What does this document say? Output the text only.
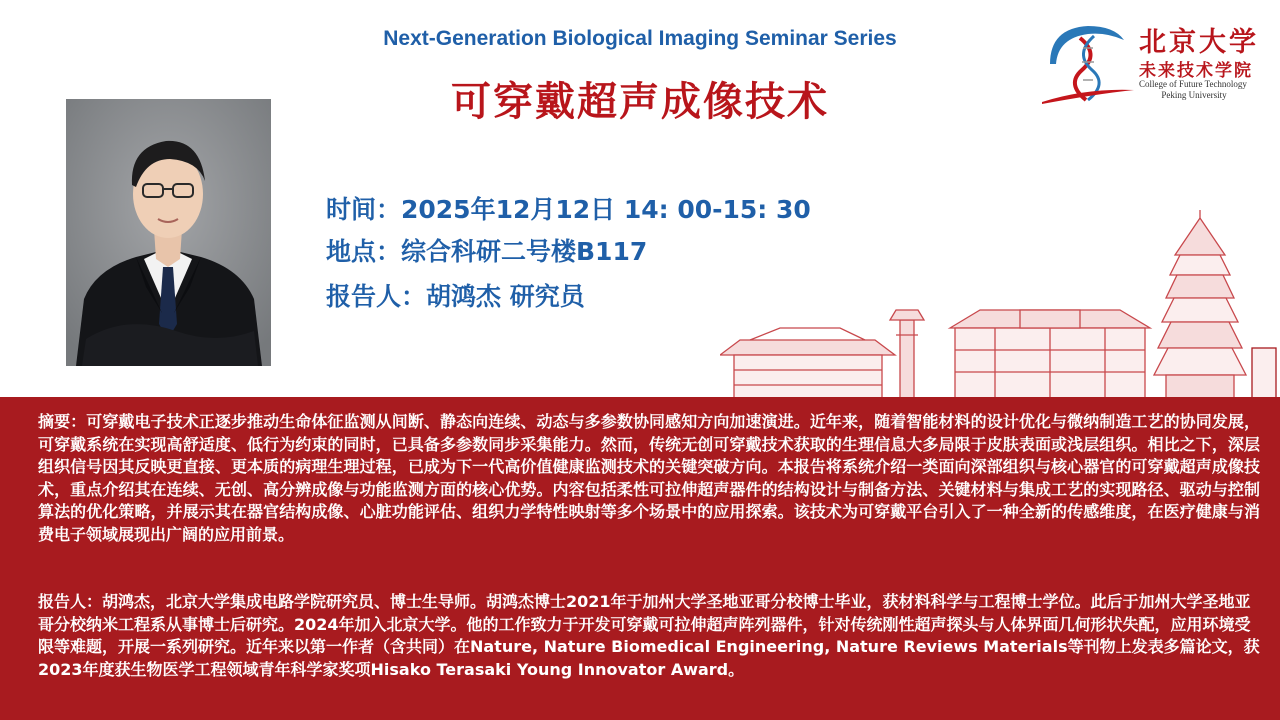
Next-Generation Biological Imaging Seminar Series
可穿戴超声成像技术
时间：2025年12月12日 14: 00-15: 30
地点：综合科研二号楼B117
报告人：胡鸿杰 研究员
北京大学
未来技术学院
College of Future Technology
Peking University

摘要：可穿戴电子技术正逐步推动生命体征监测从间断、静态向连续、动态与多参数协同感知方向加速演进。近年来，随着智能材料的设计优化与微纳制造工艺的协同发展，可穿戴系统在实现高舒适度、低行为约束的同时，已具备多参数同步采集能力。然而，传统无创可穿戴技术获取的生理信息大多局限于皮肤表面或浅层组织。相比之下，深层组织信号因其反映更直接、更本质的病理生理过程，已成为下一代高价值健康监测技术的关键突破方向。本报告将系统介绍一类面向深部组织与核心器官的可穿戴超声成像技术，重点介绍其在连续、无创、高分辨成像与功能监测方面的核心优势。内容包括柔性可拉伸超声器件的结构设计与制备方法、关键材料与集成工艺的实现路径、驱动与控制算法的优化策略，并展示其在器官结构成像、心脏功能评估、组织力学特性映射等多个场景中的应用探索。该技术为可穿戴平台引入了一种全新的传感维度，在医疗健康与消费电子领域展现出广阔的应用前景。

报告人：胡鸿杰，北京大学集成电路学院研究员、博士生导师。胡鸿杰博士2021年于加州大学圣地亚哥分校博士毕业，获材料科学与工程博士学位。此后于加州大学圣地亚哥分校纳米工程系从事博士后研究。2024年加入北京大学。他的工作致力于开发可穿戴可拉伸超声阵列器件，针对传统刚性超声探头与人体界面几何形状失配，应用环境受限等难题，开展一系列研究。近年来以第一作者（含共同）在Nature, Nature Biomedical Engineering, Nature Reviews Materials等刊物上发表多篇论文，获2023年度获生物医学工程领域青年科学家奖项Hisako Terasaki Young Innovator Award。
